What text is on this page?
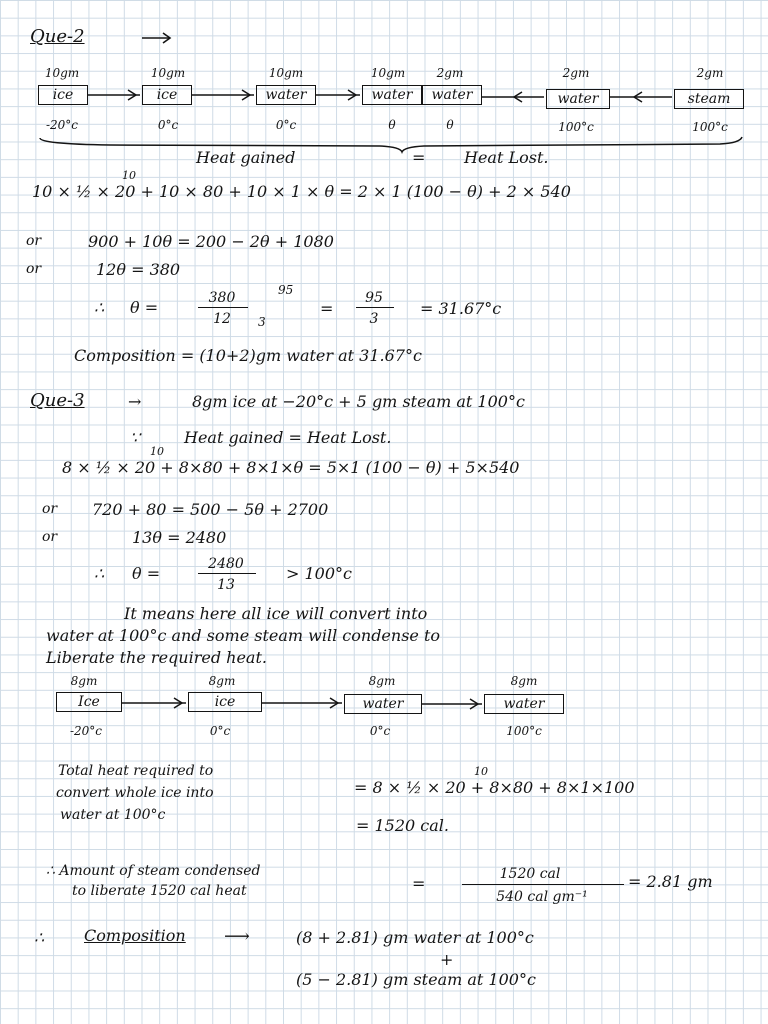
Que-2
10gm
ice
-20°c
10gm
ice
0°c
10gm
water
0°c
10gm
water
θ
2gm
water
θ
2gm
water
100°c
2gm
steam
100°c
Heat gained	= Heat Lost.
10
10 × ½ × 20 + 10 × 80 + 10 × 1 × θ = 2 × 1 (100 − θ) + 2 × 540
or	900 + 10θ = 200 − 2θ + 1080
or	12θ = 380
∴ θ =	380
12
95
3
=
95
3
= 31.67°c
Composition = (10+2)gm water at 31.67°c
Que-3	→	8gm ice at −20°c + 5 gm steam at 100°c
∵	Heat gained = Heat Lost.
10
8 × ½ × 20 + 8×80 + 8×1×θ = 5×1 (100 − θ) + 5×540
or 720 + 80 = 500 − 5θ + 2700
or	13θ = 2480
∴ θ =	2480
13
> 100°c
It means here all ice will convert into
water at 100°c and some steam will condense to
Liberate the required heat.
8gm
Ice
-20°c
8gm
ice
0°c
8gm
water
0°c
8gm
water
100°c
Total heat required to
convert whole ice into
water at 100°c
10
= 8 × ½ × 20 + 8×80 + 8×1×100
= 1520 cal.
∴ Amount of steam condensed
to liberate 1520 cal heat	=	1520 cal
540 cal gm⁻¹
= 2.81 gm
∴ Composition ⟶	(8 + 2.81) gm water at 100°c
+
(5 − 2.81) gm steam at 100°c
